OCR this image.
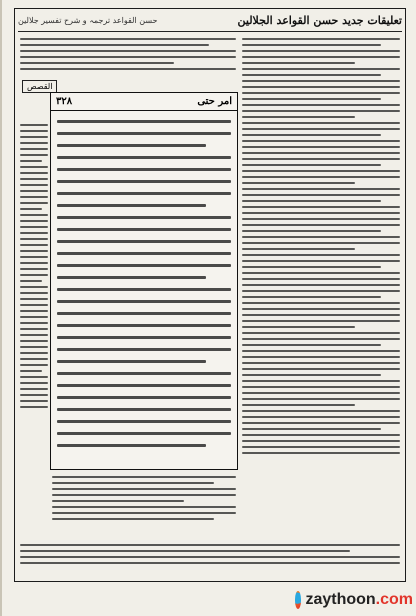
تعلیقات جدید حسن القواعد الجلالین
حسن القواعد ترجمہ و شرح تفسیر جلالین
القصص
امر حتی
۳۲۸
zaythoon.com
